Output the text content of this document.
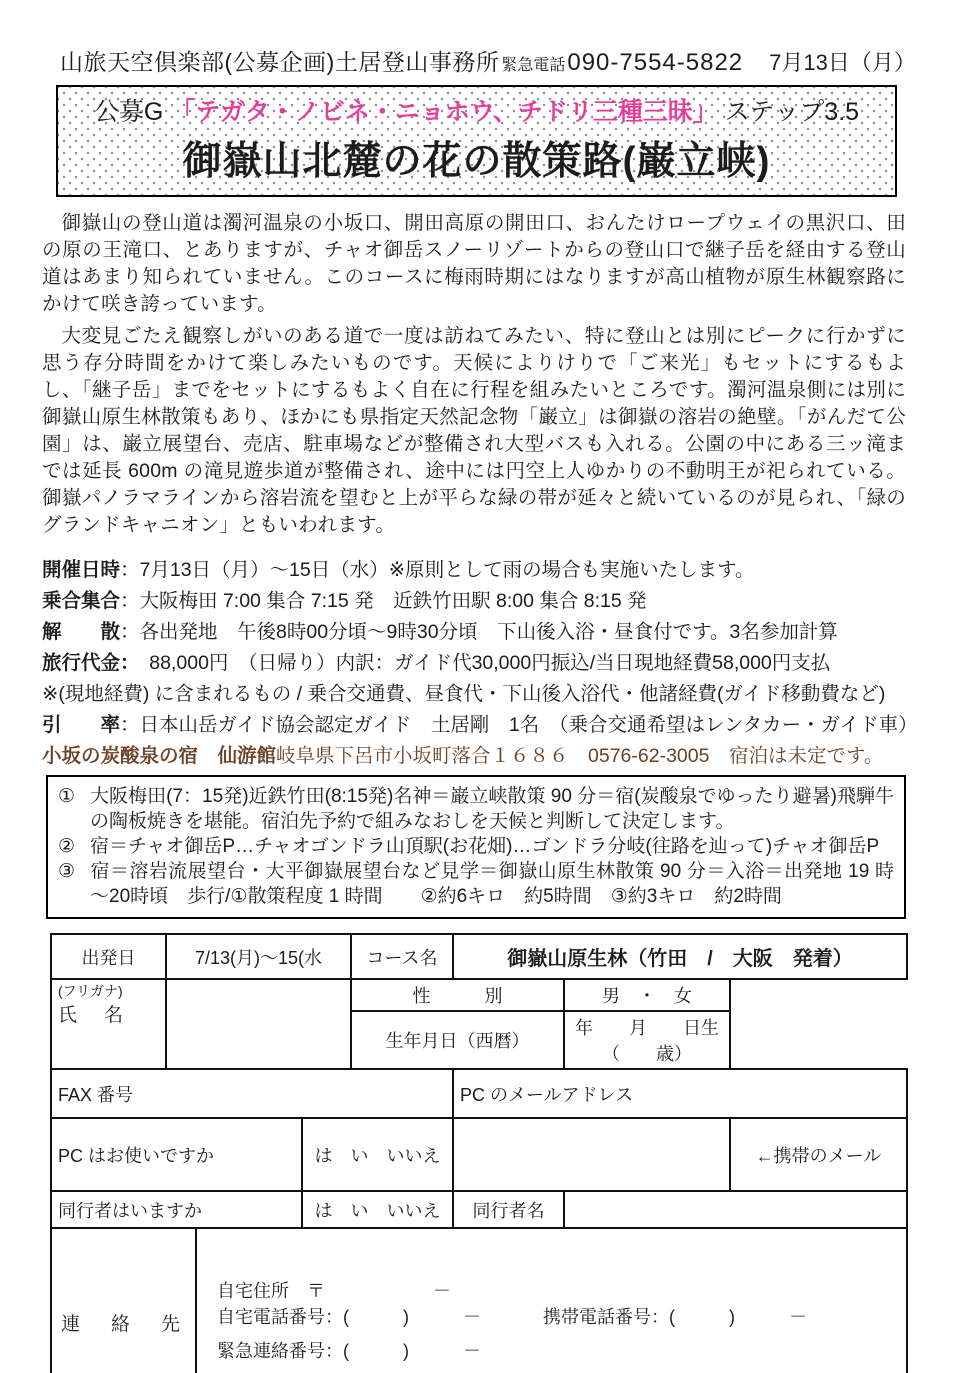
山旅天空倶楽部(公募企画)土居登山事務所 緊急電話 090-7554-5822 7月13日（月）
公募G 「テガタ・ノビネ・ニョホウ、チドリ三種三昧」 ステップ3.5
御嶽山北麓の花の散策路(巌立峡)

御嶽山の登山道は濁河温泉の小坂口、開田高原の開田口、おんたけロープウェイの黒沢口、田の原の王滝口、とありますが、チャオ御岳スノーリゾートからの登山口で継子岳を経由する登山道はあまり知られていません。このコースに梅雨時期にはなりますが高山植物が原生林観察路にかけて咲き誇っています。

大変見ごたえ観察しがいのある道で一度は訪ねてみたい、特に登山とは別にピークに行かずに思う存分時間をかけて楽しみたいものです。天候によりけりで「ご来光」もセットにするもよし、「継子岳」までをセットにするもよく自在に行程を組みたいところです。濁河温泉側には別に御嶽山原生林散策もあり、ほかにも県指定天然記念物「巌立」は御嶽の溶岩の絶壁。「がんだて公園」は、巌立展望台、売店、駐車場などが整備され大型バスも入れる。公園の中にある三ッ滝までは延長 600m の滝見遊歩道が整備され、途中には円空上人ゆかりの不動明王が祀られている。御嶽パノラマラインから溶岩流を望むと上が平らな緑の帯が延々と続いているのが見られ、「緑のグランドキャニオン」ともいわれます。

開催日時：7月13日（月）～15日（水）※原則として雨の場合も実施いたします。
乗合集合：大阪梅田 7:00 集合 7:15 発　近鉄竹田駅 8:00 集合 8:15 発
解　　散：各出発地　午後8時00分頃～9時30分頃　下山後入浴・昼食付です。3名参加計算
旅行代金：　88,000円　（日帰り）内訳：ガイド代30,000円振込/当日現地経費58,000円支払
※(現地経費) に含まれるもの / 乗合交通費、昼食代・下山後入浴代・他諸経費(ガイド移動費など)
引　　率：日本山岳ガイド協会認定ガイド　土居剛　1名　（乗合交通希望はレンタカー・ガイド車）
小坂の炭酸泉の宿　仙游館岐阜県下呂市小坂町落合１６８６　0576-62-3005　宿泊は未定です。
① 大阪梅田(7：15発)近鉄竹田(8:15発)名神＝巌立峡散策 90 分＝宿(炭酸泉でゆったり避暑)飛騨牛の陶板焼きを堪能。宿泊先予約で組みなおしを天候と判断して決定します。
② 宿＝チャオ御岳P…チャオゴンドラ山頂駅(お花畑)…ゴンドラ分岐(往路を辿って)チャオ御岳P
③ 宿＝溶岩流展望台・大平御嶽展望台など見学＝御嶽山原生林散策 90 分＝入浴＝出発地 19 時～20時頃　歩行/①散策程度 1 時間　　②約6キロ　約5時間　③約3キロ　約2時間
出発日	7/13(月)～15(水			コース名	御嶽山原生林（竹田　/　大阪　発着）		

(フリガナ)
氏　名				性　　　別		男　・　女	
				生年月日（西暦）		年　　月　　日生（　　歳）	
FAX 番号					PC のメールアドレス		
PC はお使いですか			は　い　いいえ				←携帯のメール
同行者はいますか			は　い　いいえ		同行者名		
連　絡　先		自宅住所　〒　　　　　　－
自宅電話番号：(　　　)　　　－ 携帯電話番号：(　　　)　　　－
緊急連絡番号：(　　　)　　　－					
